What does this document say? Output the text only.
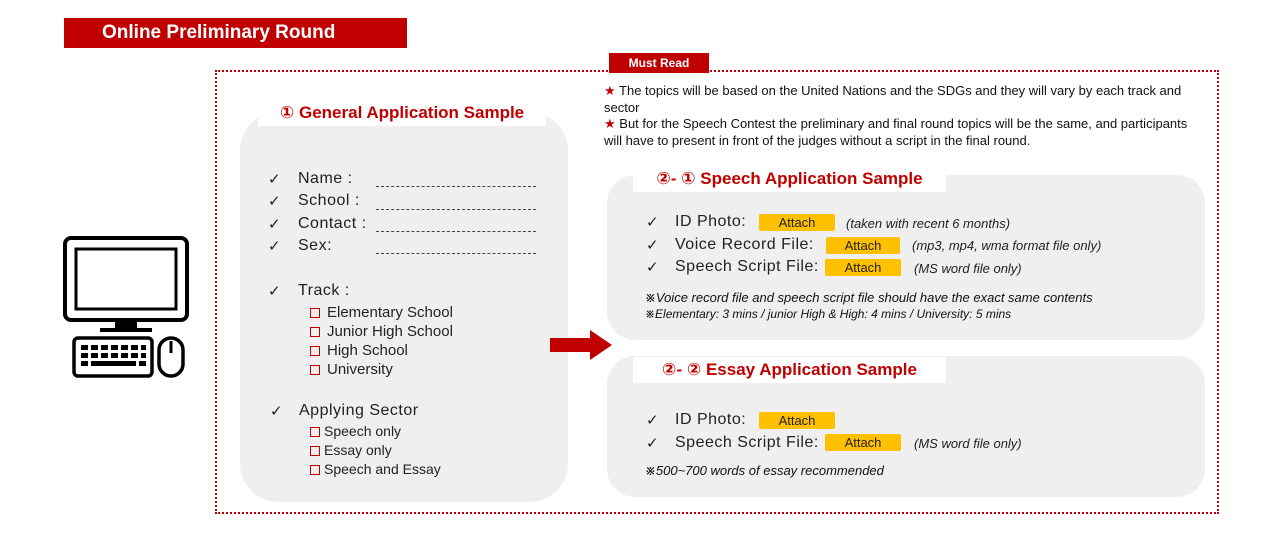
Online Preliminary Round
Must Read
★ The topics will be based on the United Nations and the SDGs and they will vary by each track and sector
★ But for the Speech Contest the preliminary and final round topics will be the same, and participants will have to present in front of the judges without a script in the final round.
① General Application Sample
✓ Name :
✓ School :
✓ Contact :
✓ Sex:
✓ Track :
Elementary School
Junior High School
High School
University
✓ Applying Sector
Speech only
Essay only
Speech and Essay
②- ① Speech Application Sample
✓ ID Photo:	Attach	(taken with recent 6 months)
✓ Voice Record File:	Attach	(mp3, mp4, wma format file only)
✓ Speech Script File:	Attach	(MS word file only)
※Voice record file and speech script file should have the exact same contents
※Elementary: 3 mins / junior High & High: 4 mins / University: 5 mins
②- ② Essay Application Sample
✓ ID Photo:	Attach
✓ Speech Script File:	Attach	(MS word file only)
※500~700 words of essay recommended
